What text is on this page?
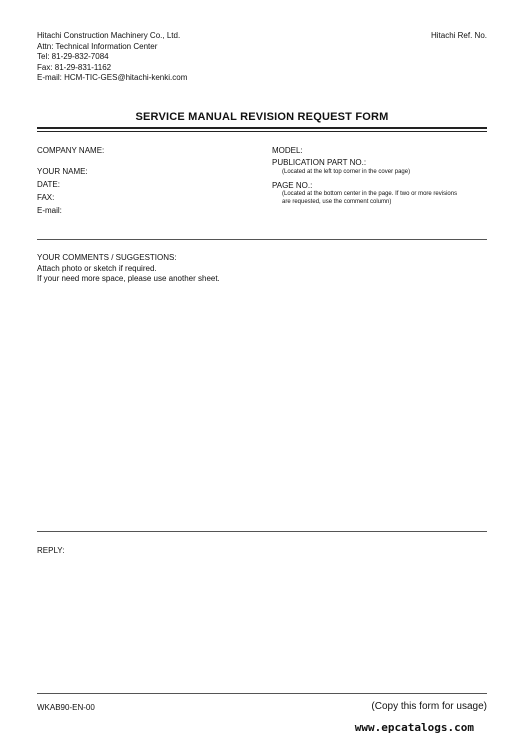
Hitachi Construction Machinery Co., Ltd.
Attn: Technical Information Center
Tel: 81-29-832-7084
Fax: 81-29-831-1162
E-mail: HCM-TIC-GES@hitachi-kenki.com
Hitachi Ref. No.
SERVICE MANUAL REVISION REQUEST FORM
COMPANY NAME:
YOUR NAME:
DATE:
FAX:
E-mail:
MODEL:
PUBLICATION PART NO.:
(Located at the left top corner in the cover page)
PAGE NO.:
(Located at the bottom center in the page. If two or more revisions
are requested, use the comment column)
YOUR COMMENTS / SUGGESTIONS:
Attach photo or sketch if required.
If your need more space, please use another sheet.
REPLY:
WKAB90-EN-00	(Copy this form for usage)
www.epcatalogs.com
